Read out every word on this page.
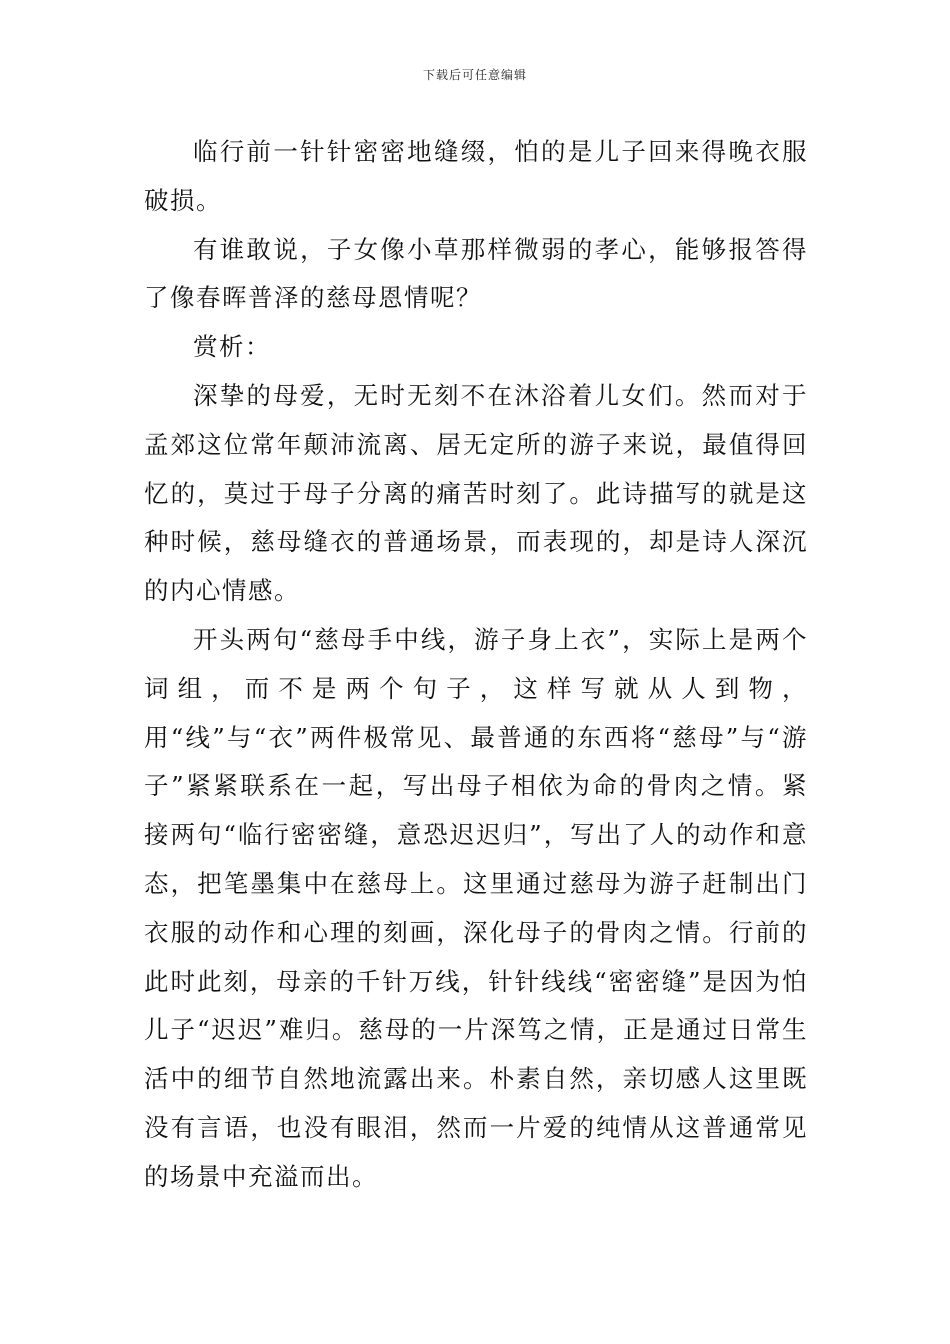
下载后可任意编辑

临行前一针针密密地缝缀，怕的是儿子回来得晚衣服破损。

有谁敢说，子女像小草那样微弱的孝心，能够报答得了像春晖普泽的慈母恩情呢？

赏析：

深挚的母爱，无时无刻不在沐浴着儿女们。然而对于孟郊这位常年颠沛流离、居无定所的游子来说，最值得回忆的，莫过于母子分离的痛苦时刻了。此诗描写的就是这种时候，慈母缝衣的普通场景，而表现的，却是诗人深沉的内心情感。

开头两句“慈母手中线，游子身上衣”，实际上是两个词组，而不是两个句子，这样写就从人到物，用“线”与“衣”两件极常见、最普通的东西将“慈母”与“游子”紧紧联系在一起，写出母子相依为命的骨肉之情。紧接两句“临行密密缝，意恐迟迟归”，写出了人的动作和意态，把笔墨集中在慈母上。这里通过慈母为游子赶制出门衣服的动作和心理的刻画，深化母子的骨肉之情。行前的此时此刻，母亲的千针万线，针针线线“密密缝”是因为怕儿子“迟迟”难归。慈母的一片深笃之情，正是通过日常生活中的细节自然地流露出来。朴素自然，亲切感人这里既没有言语，也没有眼泪，然而一片爱的纯情从这普通常见的场景中充溢而出。
